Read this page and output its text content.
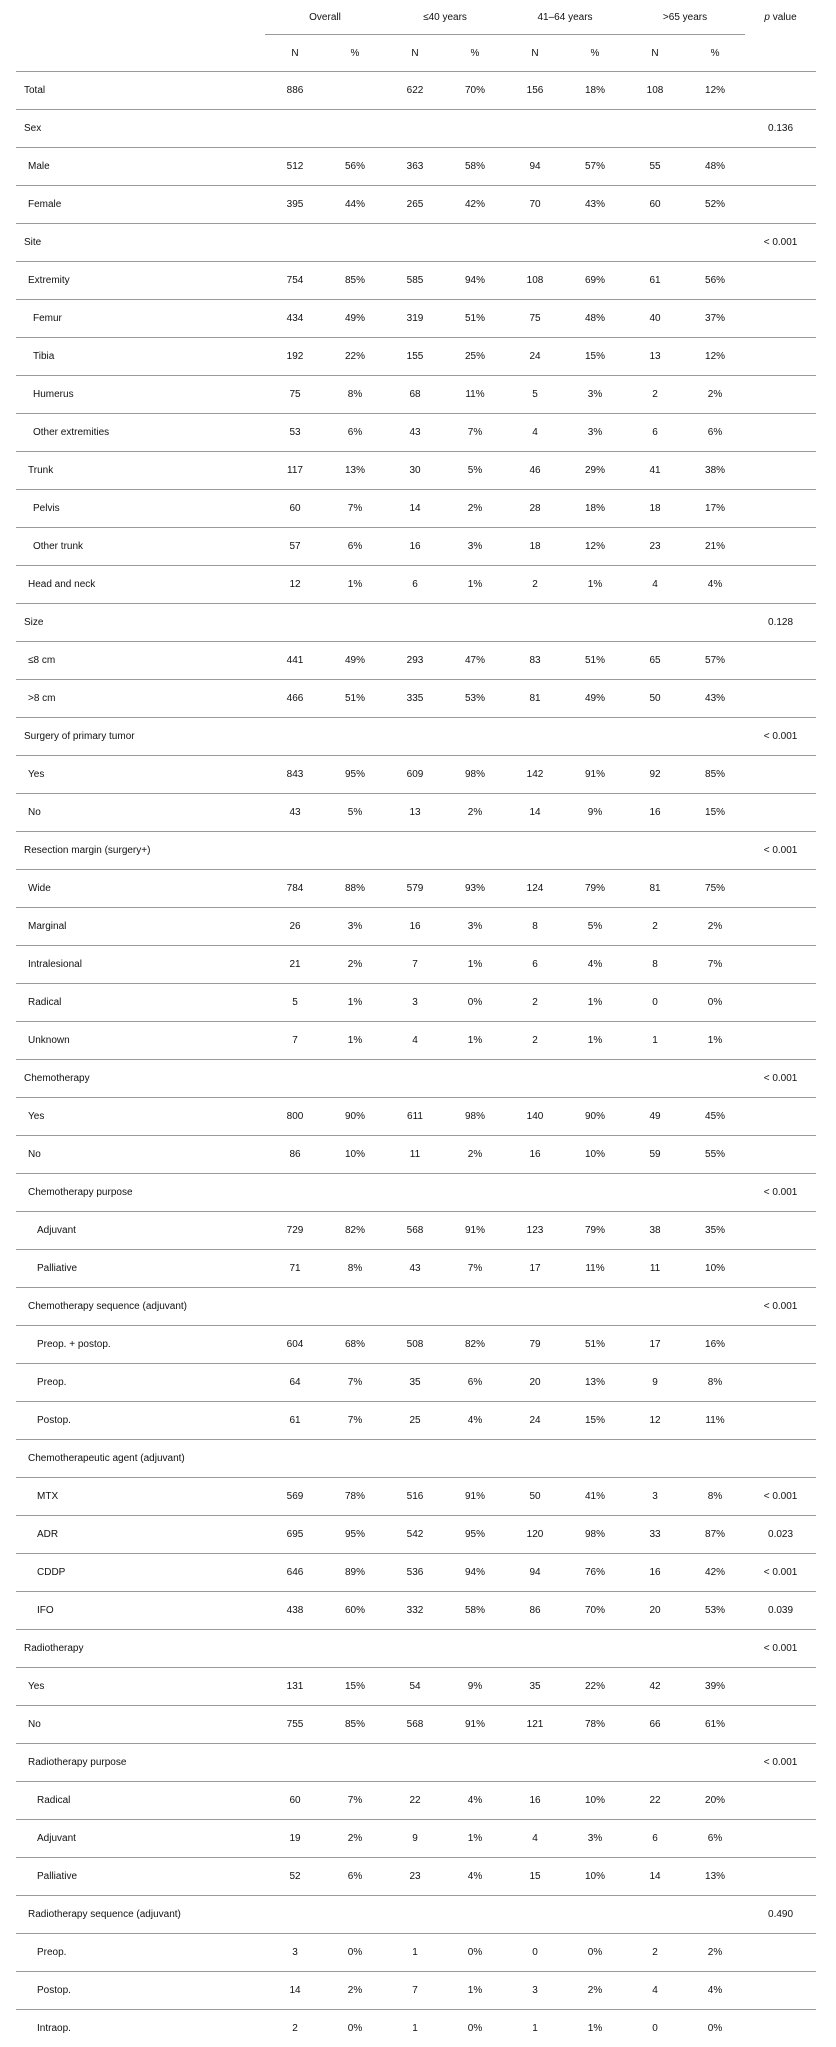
	Overall		≤40 years		41–64 years		>65 years		p value
	N	%	N	%	N	%	N	%	
Total	886		622	70%	156	18%	108	12%	
Sex									0.136
Male	512	56%	363	58%	94	57%	55	48%	
Female	395	44%	265	42%	70	43%	60	52%	
Site									< 0.001
Extremity	754	85%	585	94%	108	69%	61	56%	
Femur	434	49%	319	51%	75	48%	40	37%	
Tibia	192	22%	155	25%	24	15%	13	12%	
Humerus	75	8%	68	11%	5	3%	2	2%	
Other extremities	53	6%	43	7%	4	3%	6	6%	
Trunk	117	13%	30	5%	46	29%	41	38%	
Pelvis	60	7%	14	2%	28	18%	18	17%	
Other trunk	57	6%	16	3%	18	12%	23	21%	
Head and neck	12	1%	6	1%	2	1%	4	4%	
Size									0.128
≤8 cm	441	49%	293	47%	83	51%	65	57%	
>8 cm	466	51%	335	53%	81	49%	50	43%	
Surgery of primary tumor									< 0.001
Yes	843	95%	609	98%	142	91%	92	85%	
No	43	5%	13	2%	14	9%	16	15%	
Resection margin (surgery+)									< 0.001
Wide	784	88%	579	93%	124	79%	81	75%	
Marginal	26	3%	16	3%	8	5%	2	2%	
Intralesional	21	2%	7	1%	6	4%	8	7%	
Radical	5	1%	3	0%	2	1%	0	0%	
Unknown	7	1%	4	1%	2	1%	1	1%	
Chemotherapy									< 0.001
Yes	800	90%	611	98%	140	90%	49	45%	
No	86	10%	11	2%	16	10%	59	55%	
Chemotherapy purpose									< 0.001
Adjuvant	729	82%	568	91%	123	79%	38	35%	
Palliative	71	8%	43	7%	17	11%	11	10%	
Chemotherapy sequence (adjuvant)									< 0.001
Preop. + postop.	604	68%	508	82%	79	51%	17	16%	
Preop.	64	7%	35	6%	20	13%	9	8%	
Postop.	61	7%	25	4%	24	15%	12	11%	
Chemotherapeutic agent (adjuvant)									
MTX	569	78%	516	91%	50	41%	3	8%	< 0.001
ADR	695	95%	542	95%	120	98%	33	87%	0.023
CDDP	646	89%	536	94%	94	76%	16	42%	< 0.001
IFO	438	60%	332	58%	86	70%	20	53%	0.039
Radiotherapy									< 0.001
Yes	131	15%	54	9%	35	22%	42	39%	
No	755	85%	568	91%	121	78%	66	61%	
Radiotherapy purpose									< 0.001
Radical	60	7%	22	4%	16	10%	22	20%	
Adjuvant	19	2%	9	1%	4	3%	6	6%	
Palliative	52	6%	23	4%	15	10%	14	13%	
Radiotherapy sequence (adjuvant)									0.490
Preop.	3	0%	1	0%	0	0%	2	2%	
Postop.	14	2%	7	1%	3	2%	4	4%	
Intraop.	2	0%	1	0%	1	1%	0	0%	
